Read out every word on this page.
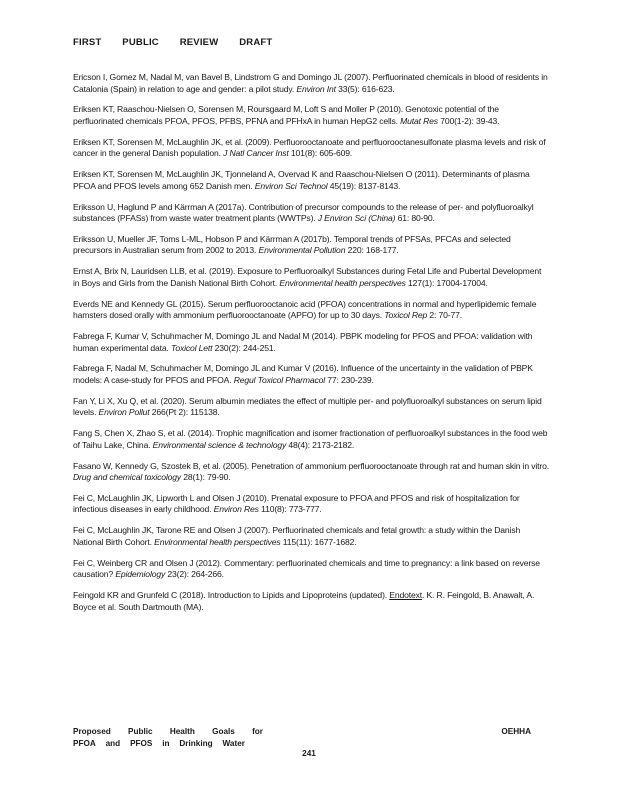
FIRST PUBLIC REVIEW DRAFT

Ericson I, Gomez M, Nadal M, van Bavel B, Lindstrom G and Domingo JL (2007). Perfluorinated chemicals in blood of residents in Catalonia (Spain) in relation to age and gender: a pilot study. Environ Int 33(5): 616-623.

Eriksen KT, Raaschou-Nielsen O, Sorensen M, Roursgaard M, Loft S and Moller P (2010). Genotoxic potential of the perfluorinated chemicals PFOA, PFOS, PFBS, PFNA and PFHxA in human HepG2 cells. Mutat Res 700(1-2): 39-43.

Eriksen KT, Sorensen M, McLaughlin JK, et al. (2009). Perfluorooctanoate and perfluorooctanesulfonate plasma levels and risk of cancer in the general Danish population. J Natl Cancer Inst 101(8): 605-609.

Eriksen KT, Sorensen M, McLaughlin JK, Tjonneland A, Overvad K and Raaschou-Nielsen O (2011). Determinants of plasma PFOA and PFOS levels among 652 Danish men. Environ Sci Technol 45(19): 8137-8143.

Eriksson U, Haglund P and Kärrman A (2017a). Contribution of precursor compounds to the release of per- and polyfluoroalkyl substances (PFASs) from waste water treatment plants (WWTPs). J Environ Sci (China) 61: 80-90.

Eriksson U, Mueller JF, Toms L-ML, Hobson P and Kärrman A (2017b). Temporal trends of PFSAs, PFCAs and selected precursors in Australian serum from 2002 to 2013. Environmental Pollution 220: 168-177.

Ernst A, Brix N, Lauridsen LLB, et al. (2019). Exposure to Perfluoroalkyl Substances during Fetal Life and Pubertal Development in Boys and Girls from the Danish National Birth Cohort. Environmental health perspectives 127(1): 17004-17004.

Everds NE and Kennedy GL (2015). Serum perfluorooctanoic acid (PFOA) concentrations in normal and hyperlipidemic female hamsters dosed orally with ammonium perfluorooctanoate (APFO) for up to 30 days. Toxicol Rep 2: 70-77.

Fabrega F, Kumar V, Schuhmacher M, Domingo JL and Nadal M (2014). PBPK modeling for PFOS and PFOA: validation with human experimental data. Toxicol Lett 230(2): 244-251.

Fabrega F, Nadal M, Schuhmacher M, Domingo JL and Kumar V (2016). Influence of the uncertainty in the validation of PBPK models: A case-study for PFOS and PFOA. Regul Toxicol Pharmacol 77: 230-239.

Fan Y, Li X, Xu Q, et al. (2020). Serum albumin mediates the effect of multiple per- and polyfluoroalkyl substances on serum lipid levels. Environ Pollut 266(Pt 2): 115138.

Fang S, Chen X, Zhao S, et al. (2014). Trophic magnification and isomer fractionation of perfluoroalkyl substances in the food web of Taihu Lake, China. Environmental science & technology 48(4): 2173-2182.

Fasano W, Kennedy G, Szostek B, et al. (2005). Penetration of ammonium perfluorooctanoate through rat and human skin in vitro. Drug and chemical toxicology 28(1): 79-90.

Fei C, McLaughlin JK, Lipworth L and Olsen J (2010). Prenatal exposure to PFOA and PFOS and risk of hospitalization for infectious diseases in early childhood. Environ Res 110(8): 773-777.

Fei C, McLaughlin JK, Tarone RE and Olsen J (2007). Perfluorinated chemicals and fetal growth: a study within the Danish National Birth Cohort. Environmental health perspectives 115(11): 1677-1682.

Fei C, Weinberg CR and Olsen J (2012). Commentary: perfluorinated chemicals and time to pregnancy: a link based on reverse causation? Epidemiology 23(2): 264-266.

Feingold KR and Grunfeld C (2018). Introduction to Lipids and Lipoproteins (updated). Endotext. K. R. Feingold, B. Anawalt, A. Boyce et al. South Dartmouth (MA).

Proposed Public Health Goals for
PFOA and PFOS in Drinking Water
OEHHA
241
